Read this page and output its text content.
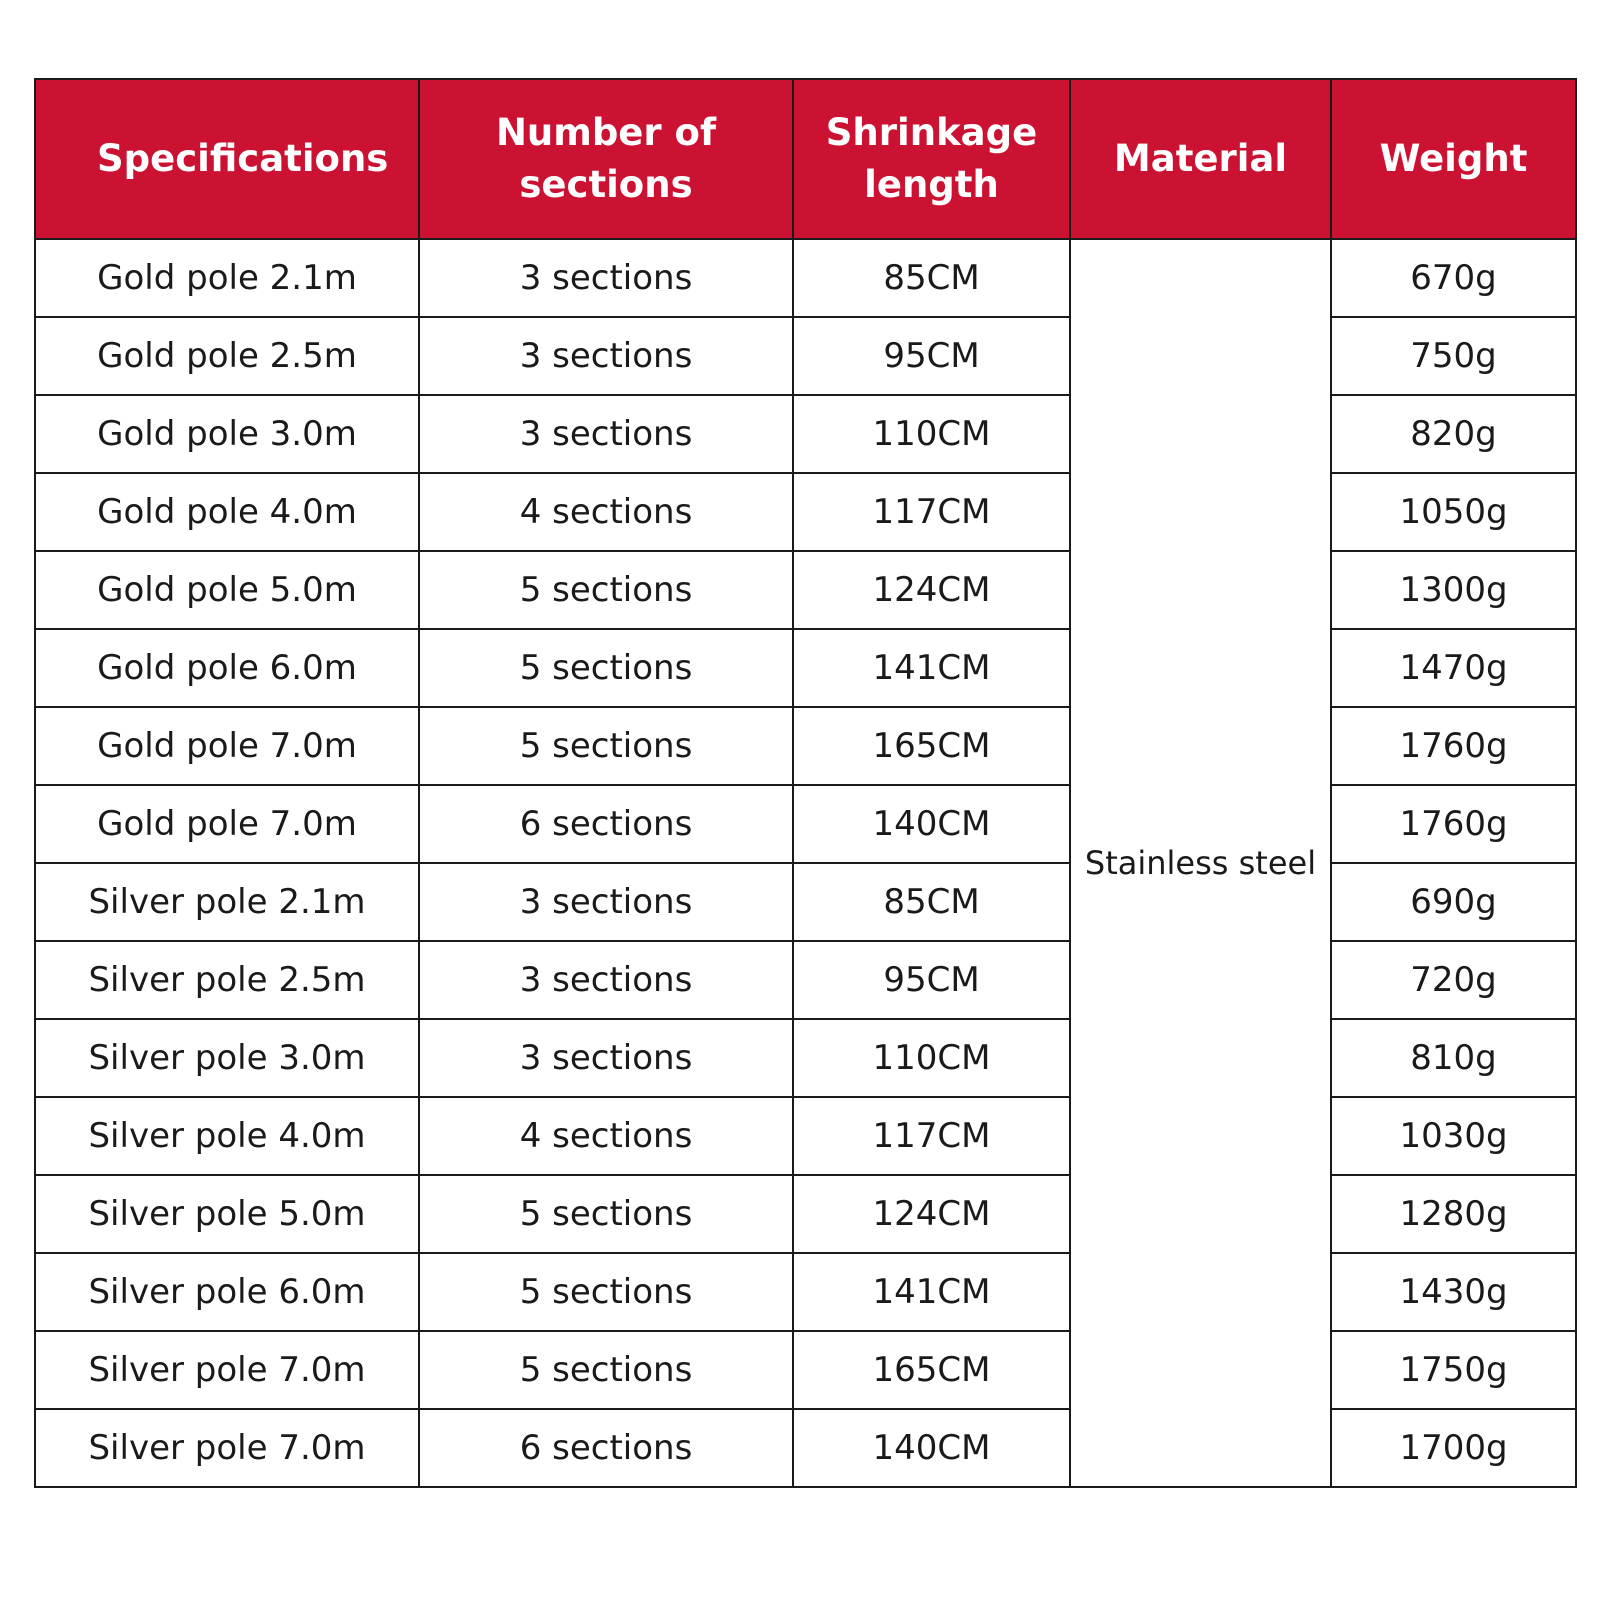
Specifications	Number of sections	Shrinkage length	Material	Weight
Gold pole 2.1m	3 sections	85CM	Stainless steel	670g
Gold pole 2.5m	3 sections	95CM		750g
Gold pole 3.0m	3 sections	110CM		820g
Gold pole 4.0m	4 sections	117CM		1050g
Gold pole 5.0m	5 sections	124CM		1300g
Gold pole 6.0m	5 sections	141CM		1470g
Gold pole 7.0m	5 sections	165CM		1760g
Gold pole 7.0m	6 sections	140CM		1760g
Silver pole 2.1m	3 sections	85CM		690g
Silver pole 2.5m	3 sections	95CM		720g
Silver pole 3.0m	3 sections	110CM		810g
Silver pole 4.0m	4 sections	117CM		1030g
Silver pole 5.0m	5 sections	124CM		1280g
Silver pole 6.0m	5 sections	141CM		1430g
Silver pole 7.0m	5 sections	165CM		1750g
Silver pole 7.0m	6 sections	140CM		1700g
